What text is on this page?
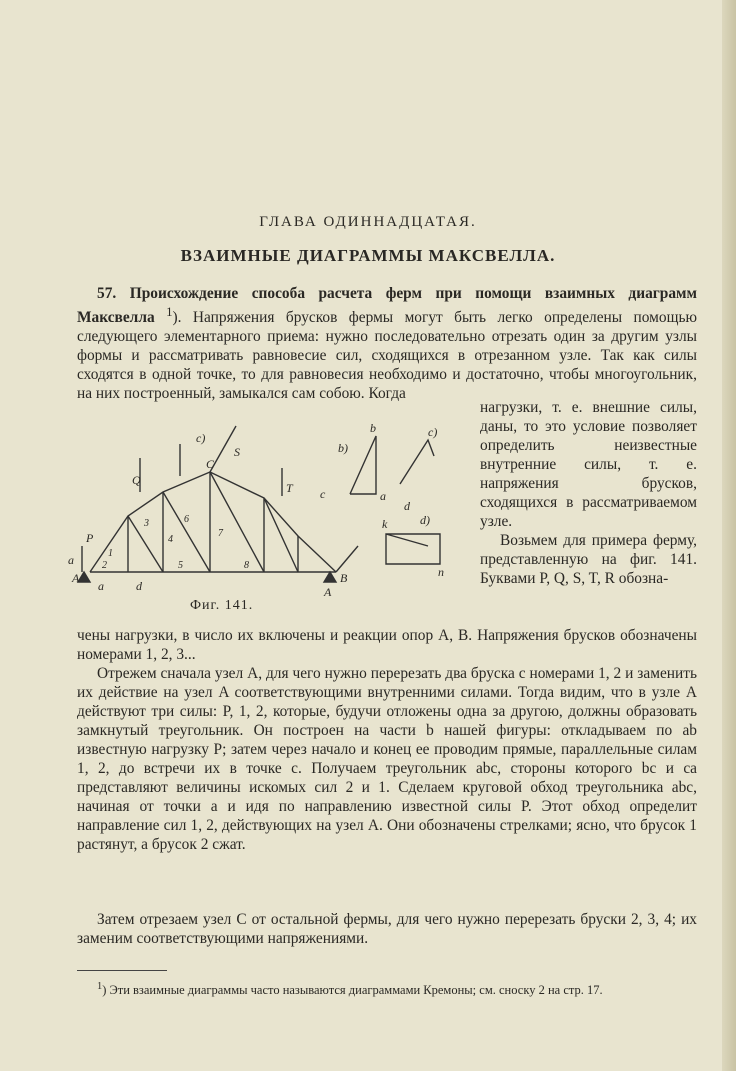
ГЛАВА ОДИННАДЦАТАЯ.
ВЗАИМНЫЕ ДИАГРАММЫ МАКСВЕЛЛА.

57. Происхождение способа расчета ферм при помощи взаимных диаграмм Максвелла $^1$). Напряжения брусков фермы могут быть легко определены помощью следующего элементарного приема: нужно последовательно отрезать один за другим узлы формы и рассматривать равновесие сил, сходящихся в отрезанном узле. Так как силы сходятся в одной точке, то для равновесия необходимо и достаточно, чтобы многоугольник, на них построенный, замыкался сам собою. Когда

c)
S	b)
b	c)
d)
c	a
d
k
n
C
T
Q
P
a
B
A
A
a	d
1
2
3
5
6
8
7
4
Фиг. 141.

нагрузки, т. е. внешние силы, даны, то это условие позволяет определить неизвестные внутренние силы, т. е. напряжения брусков, сходящихся в рассматриваемом узле.
Возьмем для примера ферму, представленную на фиг. 141. Буквами P, Q, S, T, R обозна-

чены нагрузки, в число их включены и реакции опор A, B. Напряжения брусков обозначены номерами 1, 2, 3...

Отрежем сначала узел A, для чего нужно перерезать два бруска с номерами 1, 2 и заменить их действие на узел A соответствующими внутренними силами. Тогда видим, что в узле A действуют три силы: P, 1, 2, которые, будучи отложены одна за другою, должны образовать замкнутый треугольник. Он построен на части b нашей фигуры: откладываем по ab известную нагрузку P; затем через начало и конец ее проводим прямые, параллельные силам 1, 2, до встречи их в точке c. Получаем треугольник abc, стороны которого bc и ca представляют величины искомых сил 2 и 1. Сделаем круговой обход треугольника abc, начиная от точки a и идя по направлению известной силы P. Этот обход определит направление сил 1, 2, действующих на узел A. Они обозначены стрелками; ясно, что брусок 1 растянут, а брусок 2 сжат.

Затем отрезаем узел C от остальной фермы, для чего нужно перерезать бруски 2, 3, 4; их заменим соответствующими напряжениями.

$^1$) Эти взаимные диаграммы часто называются диаграммами Кремоны; см. сноску 2 на стр. 17.
